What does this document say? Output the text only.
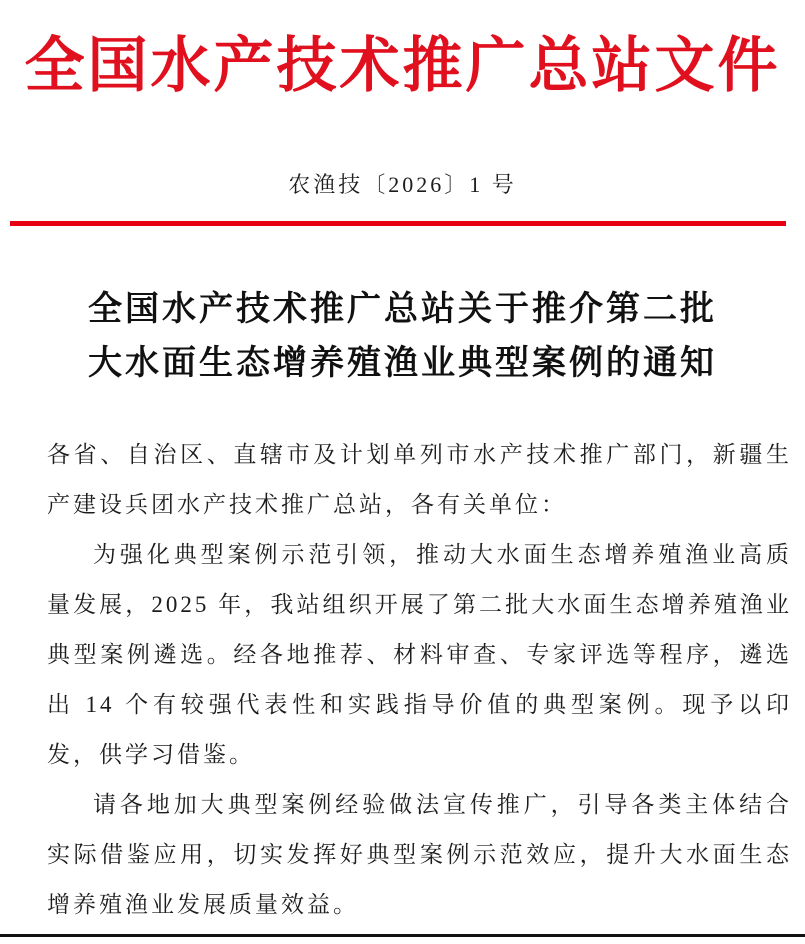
全国水产技术推广总站文件
农渔技〔2026〕1 号
全国水产技术推广总站关于推介第二批
大水面生态增养殖渔业典型案例的通知

各省、自治区、直辖市及计划单列市水产技术推广部门，新疆生产建设兵团水产技术推广总站，各有关单位：

为强化典型案例示范引领，推动大水面生态增养殖渔业高质量发展，2025 年，我站组织开展了第二批大水面生态增养殖渔业典型案例遴选。经各地推荐、材料审查、专家评选等程序，遴选出 14 个有较强代表性和实践指导价值的典型案例。现予以印发，供学习借鉴。

请各地加大典型案例经验做法宣传推广，引导各类主体结合实际借鉴应用，切实发挥好典型案例示范效应，提升大水面生态增养殖渔业发展质量效益。
